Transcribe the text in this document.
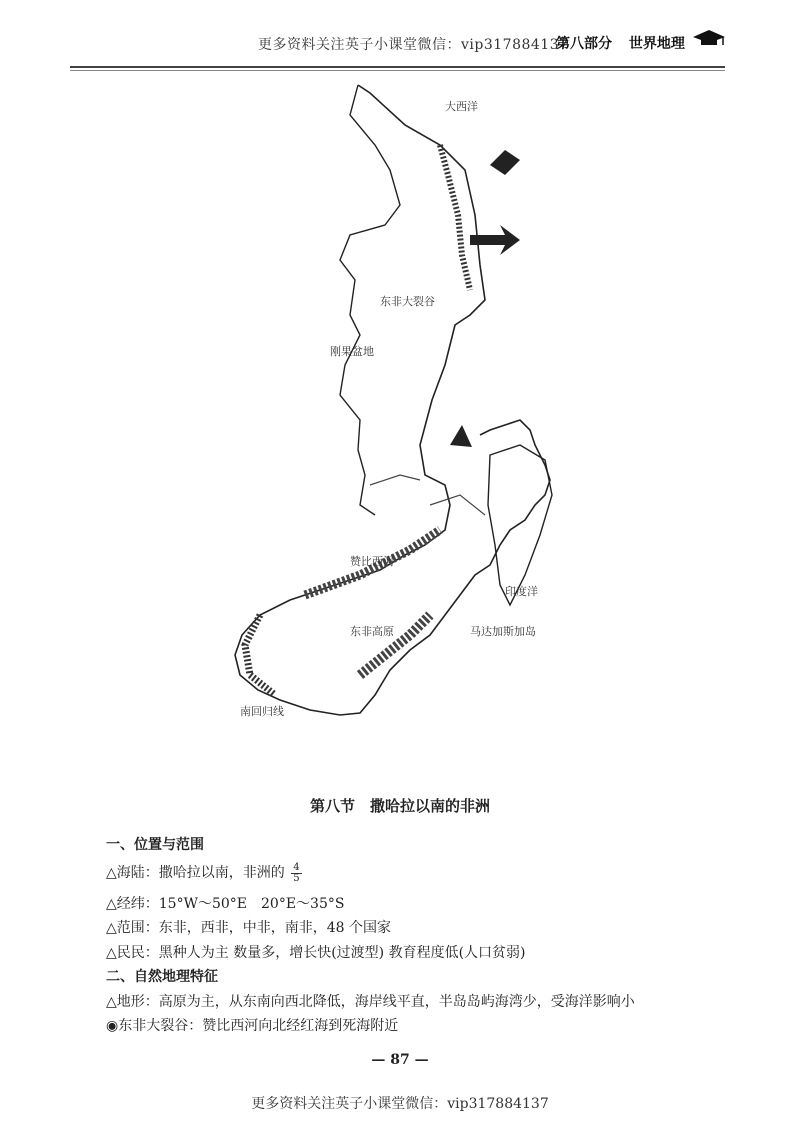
更多资料关注英子小课堂微信：vip317884137
第八部分 世界地理
大西洋
印度洋
东非大裂谷
赞比西河
刚果盆地
东非高原	马达加斯加岛
南回归线
第八节　撒哈拉以南的非洲
一、位置与范围
△海陆：撒哈拉以南，非洲的 $\frac{4}{5}$
△经纬：15°W～50°E　20°E～35°S
△范围：东非，西非，中非，南非，48 个国家
△民民：黑种人为主 数量多，增长快(过渡型) 教育程度低(人口贫弱)
二、自然地理特征
△地形：高原为主，从东南向西北降低，海岸线平直，半岛岛屿海湾少，受海洋影响小
◉东非大裂谷：赞比西河向北经红海到死海附近
— 87 —
更多资料关注英子小课堂微信：vip317884137
